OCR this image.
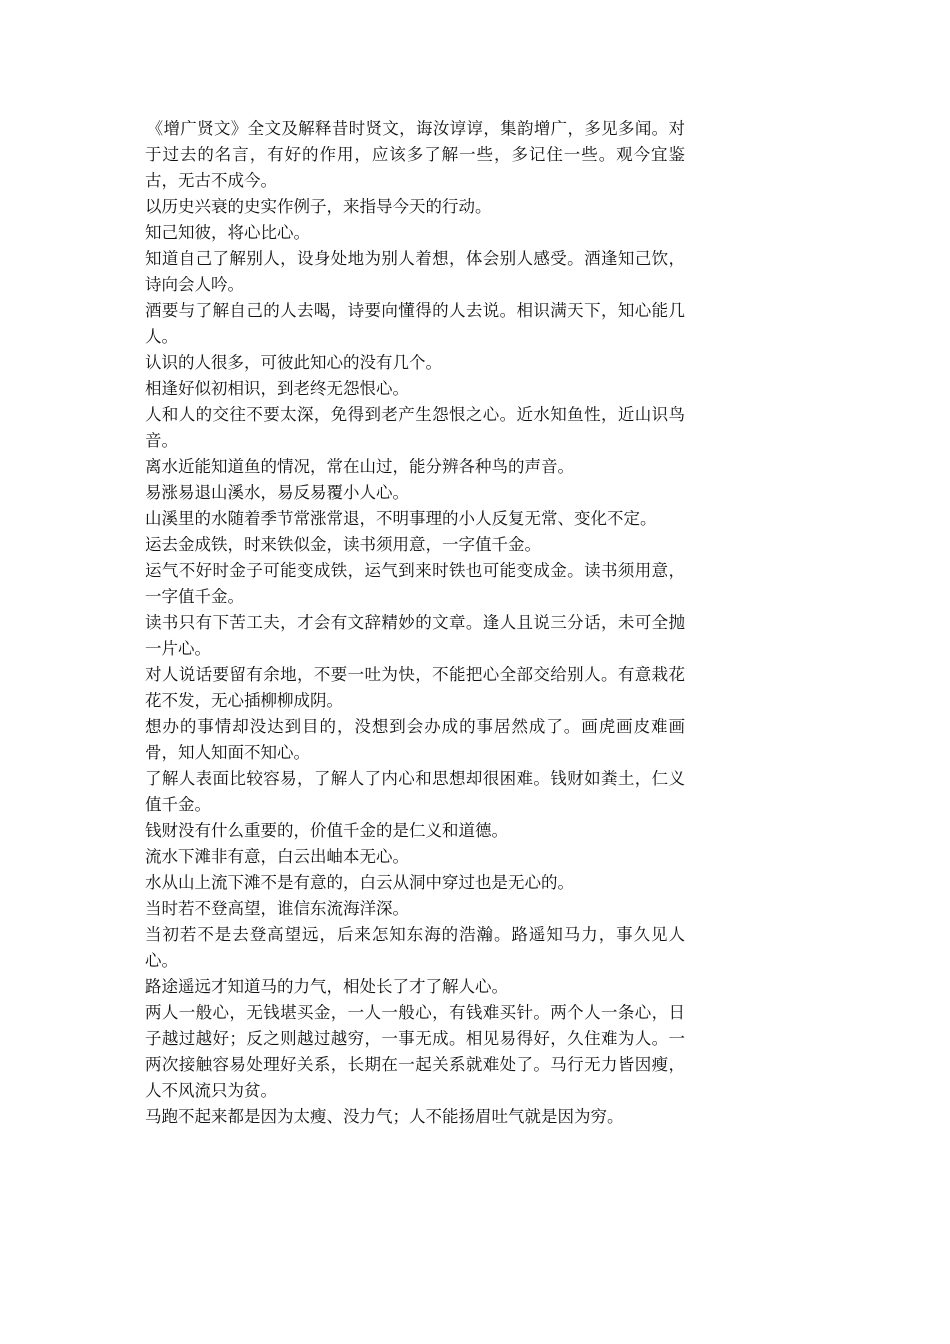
《增广贤文》全文及解释昔时贤文，诲汝谆谆，集韵增广，多见多闻。对于过去的名言，有好的作用，应该多了解一些，多记住一些。观今宜鉴古，无古不成今。

以历史兴衰的史实作例子，来指导今天的行动。

知己知彼，将心比心。

知道自己了解别人，设身处地为别人着想，体会别人感受。酒逢知己饮，诗向会人吟。

酒要与了解自己的人去喝，诗要向懂得的人去说。相识满天下，知心能几人。

认识的人很多，可彼此知心的没有几个。

相逢好似初相识，到老终无怨恨心。

人和人的交往不要太深，免得到老产生怨恨之心。近水知鱼性，近山识鸟音。

离水近能知道鱼的情况，常在山过，能分辨各种鸟的声音。

易涨易退山溪水，易反易覆小人心。

山溪里的水随着季节常涨常退，不明事理的小人反复无常、变化不定。

运去金成铁，时来铁似金，读书须用意，一字值千金。

运气不好时金子可能变成铁，运气到来时铁也可能变成金。读书须用意，一字值千金。

读书只有下苦工夫，才会有文辞精妙的文章。逢人且说三分话，未可全抛一片心。

对人说话要留有余地，不要一吐为快，不能把心全部交给别人。有意栽花花不发，无心插柳柳成阴。

想办的事情却没达到目的，没想到会办成的事居然成了。画虎画皮难画骨，知人知面不知心。

了解人表面比较容易，了解人了内心和思想却很困难。钱财如粪土，仁义值千金。

钱财没有什么重要的，价值千金的是仁义和道德。

流水下滩非有意，白云出岫本无心。

水从山上流下滩不是有意的，白云从洞中穿过也是无心的。

当时若不登高望，谁信东流海洋深。

当初若不是去登高望远，后来怎知东海的浩瀚。路遥知马力，事久见人心。

路途遥远才知道马的力气，相处长了才了解人心。

两人一般心，无钱堪买金，一人一般心，有钱难买针。两个人一条心，日子越过越好；反之则越过越穷，一事无成。相见易得好，久住难为人。一两次接触容易处理好关系，长期在一起关系就难处了。马行无力皆因瘦，人不风流只为贫。

马跑不起来都是因为太瘦、没力气；人不能扬眉吐气就是因为穷。
